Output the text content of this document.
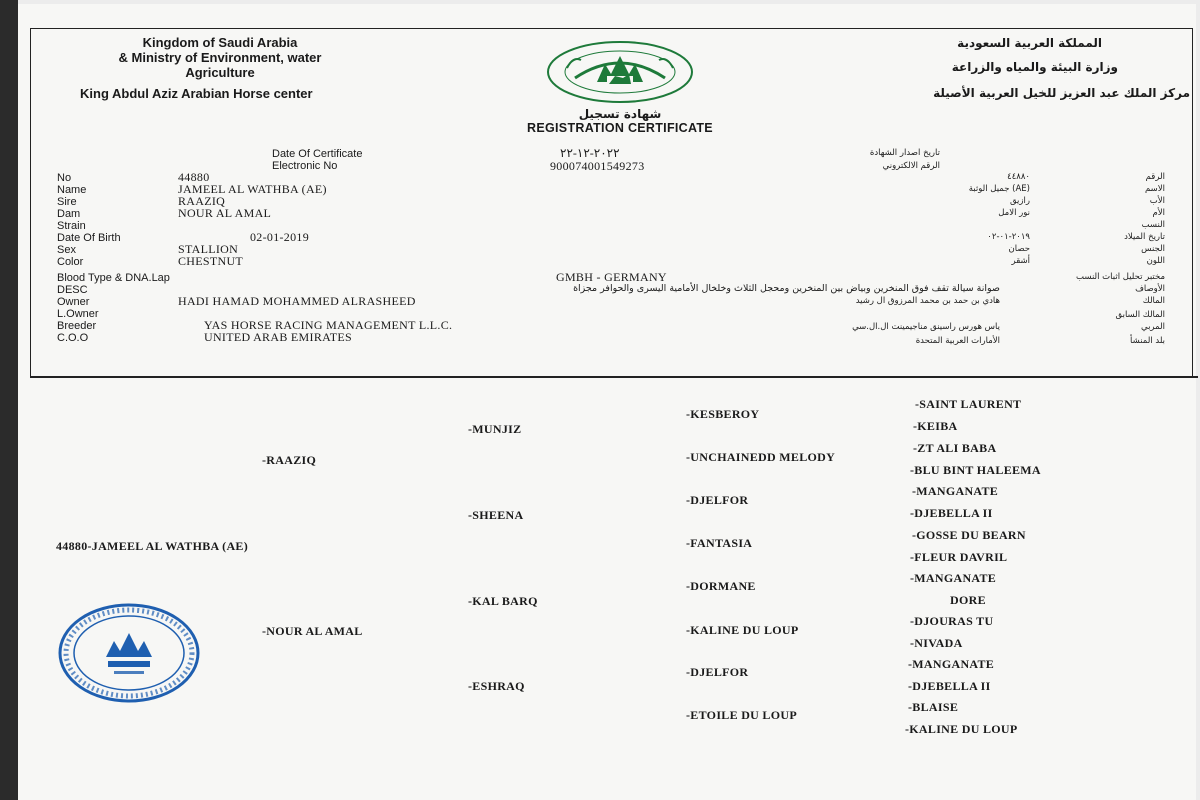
Kingdom of Saudi Arabia
& Ministry of Environment, water
Agriculture
King Abdul Aziz Arabian Horse center
المملكة العربية السعودية
وزارة البيئة والمياه والزراعة
مركز الملك عبد العزيز للخيل العربية الأصيلة
شهادة تسجيل
REGISTRATION CERTIFICATE
Date Of Certificate	٢٠٢٢-١٢-٢٢	تاريخ اصدار الشهادة
Electronic No	900074001549273	الرقم الالكتروني
No	44880	٤٤٨٨٠	الرقم
Name	JAMEEL AL WATHBA (AE)	(AE) جميل الوثبة	الاسم
Sire	RAAZIQ	رازيق	الأب
Dam	NOUR AL AMAL	نور الامل	الأم
Strain	النسب
Date Of Birth	02-01-2019	٢٠١٩-٠١-٠٢	تاريخ الميلاد
Sex	STALLION	حصان	الجنس
Color	CHESTNUT	أشقر	اللون
Blood Type & DNA.Lap	GMBH - GERMANY	مختبر تحليل اثبات النسب
DESC	صوانة سيالة تقف فوق المنخرين وبياض بين المنخرين ومحجل الثلاث وخلخال الأمامية اليسرى والحوافر مجزاة	الأوصاف
Owner	HADI HAMAD MOHAMMED ALRASHEED	هادي بن حمد بن محمد المرزوق ال رشيد	المالك
L.Owner	المالك السابق
Breeder	YAS HORSE RACING MANAGEMENT L.L.C.	ياس هورس راسينق مناجيمينت ال.ال.سي	المربي
C.O.O	UNITED ARAB EMIRATES	الأمارات العربية المتحدة	بلد المنشأ
44880-JAMEEL AL WATHBA (AE)
-RAAZIQ
-NOUR AL AMAL
-MUNJIZ
-SHEENA
-KAL BARQ
-ESHRAQ
-KESBEROY
-UNCHAINEDD MELODY
-DJELFOR
-FANTASIA
-DORMANE
-KALINE DU LOUP
-DJELFOR
-ETOILE DU LOUP
-SAINT LAURENT
-KEIBA
-ZT ALI BABA
-BLU BINT HALEEMA
-MANGANATE
-DJEBELLA II
-GOSSE DU BEARN
-FLEUR DAVRIL
-MANGANATE
DORE
-DJOURAS TU
-NIVADA
-MANGANATE
-DJEBELLA II
-BLAISE
-KALINE DU LOUP
